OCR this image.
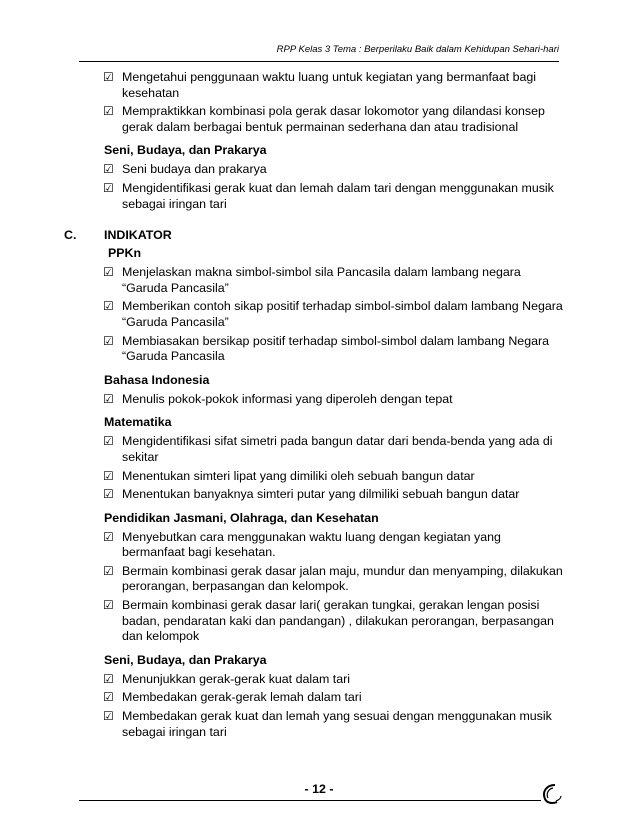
RPP Kelas 3 Tema : Berperilaku Baik dalam Kehidupan Sehari-hari
☑ Mengetahui penggunaan waktu luang untuk kegiatan yang bermanfaat bagi kesehatan
☑ Mempraktikkan kombinasi pola gerak dasar lokomotor yang dilandasi konsep gerak dalam berbagai bentuk permainan sederhana dan atau tradisional
Seni, Budaya, dan Prakarya
☑ Seni budaya dan prakarya
☑ Mengidentifikasi gerak kuat dan lemah dalam tari dengan menggunakan musik sebagai iringan tari
C. INDIKATOR
PPKn
☑ Menjelaskan makna simbol-simbol sila Pancasila dalam lambang negara “Garuda Pancasila”
☑ Memberikan contoh sikap positif terhadap simbol-simbol dalam lambang Negara “Garuda Pancasila”
☑ Membiasakan bersikap positif terhadap simbol-simbol dalam lambang Negara “Garuda Pancasila
Bahasa Indonesia
☑ Menulis pokok-pokok informasi yang diperoleh dengan tepat
Matematika
☑ Mengidentifikasi sifat simetri pada bangun datar dari benda-benda yang ada di sekitar
☑ Menentukan simteri lipat yang dimiliki oleh sebuah bangun datar
☑ Menentukan banyaknya simteri putar yang dilmiliki sebuah bangun datar
Pendidikan Jasmani, Olahraga, dan Kesehatan
☑ Menyebutkan cara menggunakan waktu luang dengan kegiatan yang bermanfaat bagi kesehatan.
☑ Bermain kombinasi gerak dasar jalan maju, mundur dan menyamping, dilakukan perorangan, berpasangan dan kelompok.
☑ Bermain kombinasi gerak dasar lari( gerakan tungkai, gerakan lengan posisi badan, pendaratan kaki dan pandangan) , dilakukan perorangan, berpasangan dan kelompok
Seni, Budaya, dan Prakarya
☑ Menunjukkan gerak-gerak kuat dalam tari
☑ Membedakan gerak-gerak lemah dalam tari
☑ Membedakan gerak kuat dan lemah yang sesuai dengan menggunakan musik sebagai iringan tari
- 12 -
